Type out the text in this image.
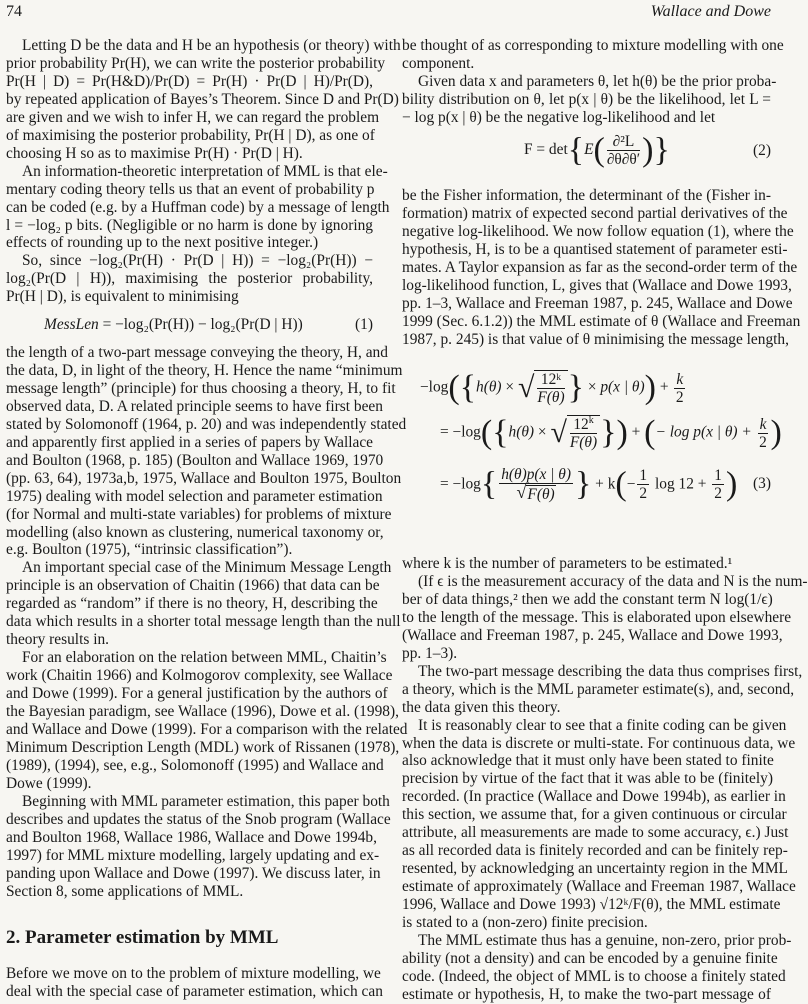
74	Wallace and Dowe
MessLen = −log₂(Pr(H)) − log₂(Pr(D | H))	(1)
2. Parameter estimation by MML
Letting D be the data and H be an hypothesis (or theory) with
prior probability Pr(H), we can write the posterior probability
Pr(H | D) = Pr(H&D)/Pr(D) = Pr(H) · Pr(D | H)/Pr(D),
by repeated application of Bayes’s Theorem. Since D and Pr(D)
are given and we wish to infer H, we can regard the problem
of maximising the posterior probability, Pr(H | D), as one of
choosing H so as to maximise Pr(H) · Pr(D | H).
An information-theoretic interpretation of MML is that ele-
mentary coding theory tells us that an event of probability p
can be coded (e.g. by a Huffman code) by a message of length
l = −log₂ p bits. (Negligible or no harm is done by ignoring
effects of rounding up to the next positive integer.)
So, since −log₂(Pr(H) · Pr(D | H)) = −log₂(Pr(H)) −
log₂(Pr(D | H)), maximising the posterior probability,
Pr(H | D), is equivalent to minimising
the length of a two-part message conveying the theory, H, and
the data, D, in light of the theory, H. Hence the name “minimum
message length” (principle) for thus choosing a theory, H, to fit
observed data, D. A related principle seems to have first been
stated by Solomonoff (1964, p. 20) and was independently stated
and apparently first applied in a series of papers by Wallace
and Boulton (1968, p. 185) (Boulton and Wallace 1969, 1970
(pp. 63, 64), 1973a,b, 1975, Wallace and Boulton 1975, Boulton
1975) dealing with model selection and parameter estimation
(for Normal and multi-state variables) for problems of mixture
modelling (also known as clustering, numerical taxonomy or,
e.g. Boulton (1975), “intrinsic classification”).
An important special case of the Minimum Message Length
principle is an observation of Chaitin (1966) that data can be
regarded as “random” if there is no theory, H, describing the
data which results in a shorter total message length than the null
theory results in.
For an elaboration on the relation between MML, Chaitin’s
work (Chaitin 1966) and Kolmogorov complexity, see Wallace
and Dowe (1999). For a general justification by the authors of
the Bayesian paradigm, see Wallace (1996), Dowe et al. (1998),
and Wallace and Dowe (1999). For a comparison with the related
Minimum Description Length (MDL) work of Rissanen (1978),
(1989), (1994), see, e.g., Solomonoff (1995) and Wallace and
Dowe (1999).
Beginning with MML parameter estimation, this paper both
describes and updates the status of the Snob program (Wallace
and Boulton 1968, Wallace 1986, Wallace and Dowe 1994b,
1997) for MML mixture modelling, largely updating and ex-
panding upon Wallace and Dowe (1997). We discuss later, in
Section 8, some applications of MML.
Before we move on to the problem of mixture modelling, we
deal with the special case of parameter estimation, which can
$F = \det\{E( \frac{\text{∂²L}}{\partial\theta\partial\theta'}$ )}	(2)
−log({h(θ) × √ $\frac{\text{12ᵏ}}{F(\theta)}$ } × p(x | $\theta)) + \frac{k}{2}$
= −log({h(θ) × √ $\frac{12^k}{F(\theta)}$ }) + (− log p(x | $\theta) + \frac{k}{2}$ )
= $-\log\{ \frac{h(\theta)p(x | \theta)}{√F(\theta)}$ } + $k(- \frac{1}{2}$ $\log 12 + \frac{1}{2}$ ) (3)
be thought of as corresponding to mixture modelling with one
component.
Given data x and parameters θ, let h(θ) be the prior proba-
bility distribution on θ, let p(x | θ) be the likelihood, let L =
− log p(x | θ) be the negative log-likelihood and let
be the Fisher information, the determinant of the (Fisher in-
formation) matrix of expected second partial derivatives of the
negative log-likelihood. We now follow equation (1), where the
hypothesis, H, is to be a quantised statement of parameter esti-
mates. A Taylor expansion as far as the second-order term of the
log-likelihood function, L, gives that (Wallace and Dowe 1993,
pp. 1–3, Wallace and Freeman 1987, p. 245, Wallace and Dowe
1999 (Sec. 6.1.2)) the MML estimate of θ (Wallace and Freeman
1987, p. 245) is that value of θ minimising the message length,
where k is the number of parameters to be estimated.¹
(If ϵ is the measurement accuracy of the data and N is the num-
ber of data things,² then we add the constant term N log(1/ϵ)
to the length of the message. This is elaborated upon elsewhere
(Wallace and Freeman 1987, p. 245, Wallace and Dowe 1993,
pp. 1–3).
The two-part message describing the data thus comprises first,
a theory, which is the MML parameter estimate(s), and, second,
the data given this theory.
It is reasonably clear to see that a finite coding can be given
when the data is discrete or multi-state. For continuous data, we
also acknowledge that it must only have been stated to finite
precision by virtue of the fact that it was able to be (finitely)
recorded. (In practice (Wallace and Dowe 1994b), as earlier in
this section, we assume that, for a given continuous or circular
attribute, all measurements are made to some accuracy, ϵ.) Just
as all recorded data is finitely recorded and can be finitely rep-
resented, by acknowledging an uncertainty region in the MML
estimate of approximately (Wallace and Freeman 1987, Wallace
1996, Wallace and Dowe 1993) √12ᵏ/F(θ), the MML estimate
is stated to a (non-zero) finite precision.
The MML estimate thus has a genuine, non-zero, prior prob-
ability (not a density) and can be encoded by a genuine finite
code. (Indeed, the object of MML is to choose a finitely stated
estimate or hypothesis, H, to make the two-part message of
